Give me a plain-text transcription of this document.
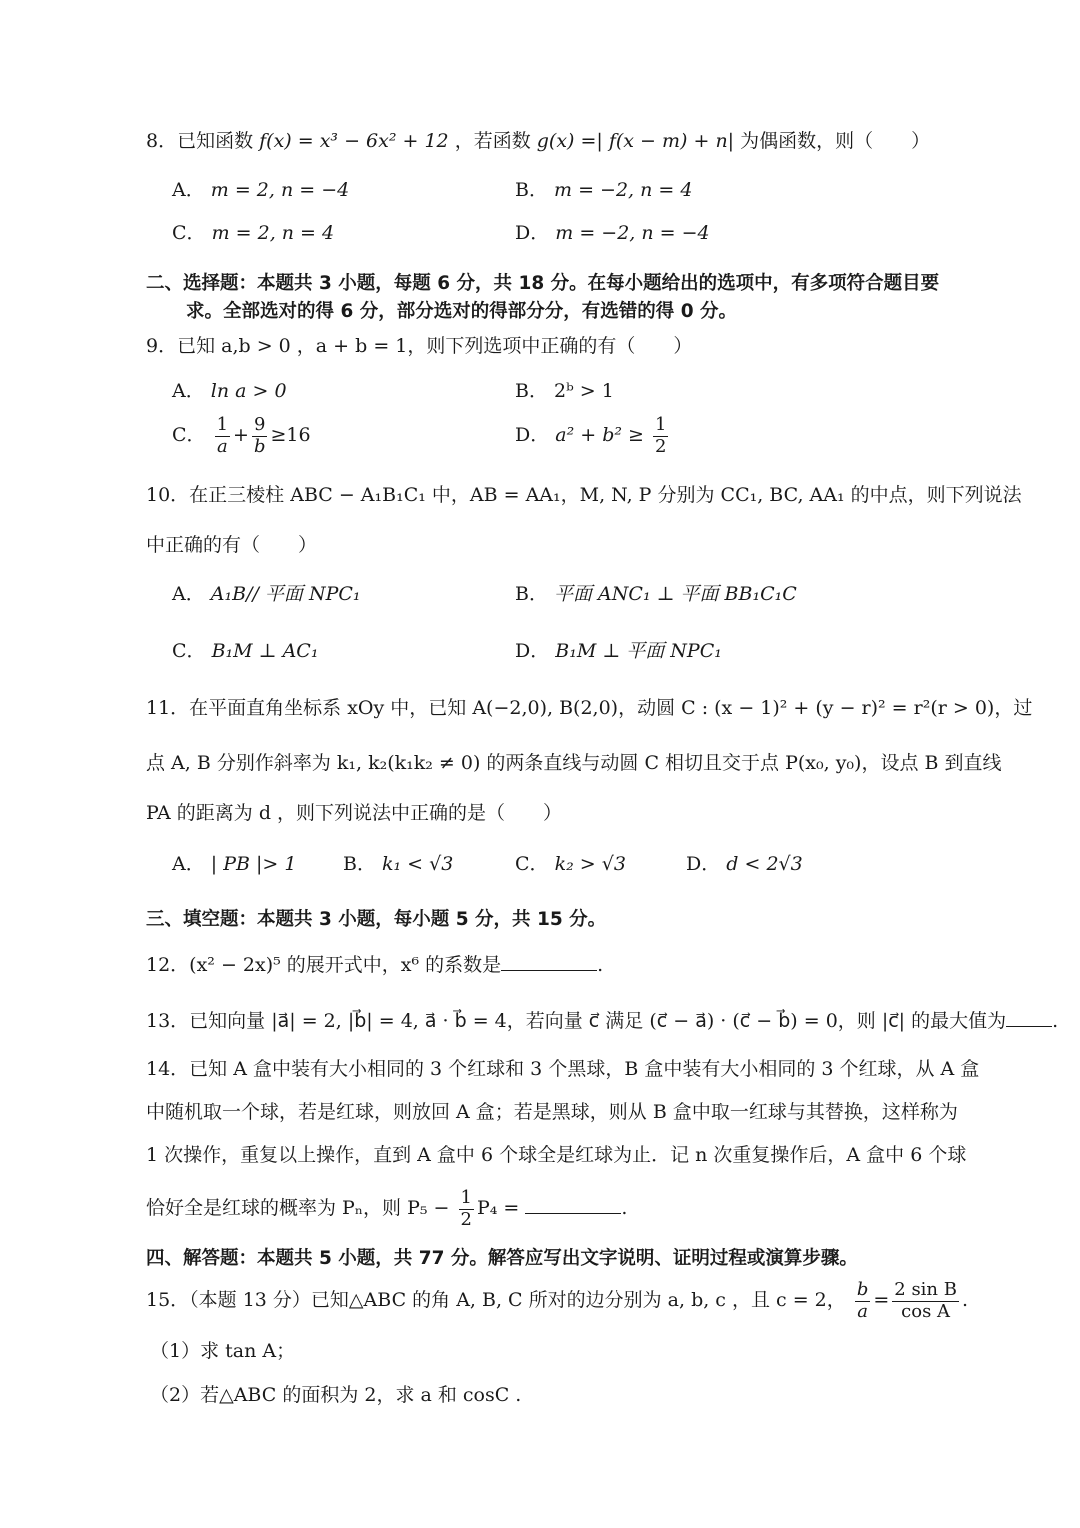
8．已知函数 f(x) = x³ − 6x² + 12 ，若函数 g(x) =| f(x − m) + n| 为偶函数，则（　　）
A． m = 2, n = −4	B． m = −2, n = 4
C． m = 2, n = 4	D． m = −2, n = −4
二、选择题：本题共 3 小题，每题 6 分，共 18 分。在每小题给出的选项中，有多项符合题目要
求。全部选对的得 6 分，部分选对的得部分分，有选错的得 0 分。
9．已知 a,b > 0 ，a + b = 1，则下列选项中正确的有（　　）
A． ln a > 0	B． 2ᵇ > 1
C． $\frac{1}{a} + \frac{9}{b} \ge 16$	D． $a^2 + b^2 \ge \frac{1}{2}$
10．在正三棱柱 ABC − A₁B₁C₁ 中，AB = AA₁，M, N, P 分别为 CC₁, BC, AA₁ 的中点，则下列说法
中正确的有（　　）
A． A₁B// 平面 NPC₁	B． 平面 ANC₁ ⊥ 平面 BB₁C₁C
C． B₁M ⊥ AC₁	D． B₁M ⊥ 平面 NPC₁
11．在平面直角坐标系 xOy 中，已知 A(−2,0), B(2,0)，动圆 C : (x − 1)² + (y − r)² = r²(r > 0)，过
点 A, B 分别作斜率为 k₁, k₂(k₁k₂ ≠ 0) 的两条直线与动圆 C 相切且交于点 P(x₀, y₀)，设点 B 到直线
PA 的距离为 d ，则下列说法中正确的是（　　）
A． | PB |> 1 B． k₁ < √3	C． k₂ > √3	D． d < 2√3
三、填空题：本题共 3 小题，每小题 5 分，共 15 分。
12．(x² − 2x)⁵ 的展开式中，x⁶ 的系数是	.
13．已知向量 |a⃗| = 2, |b⃗| = 4, a⃗ · b⃗ = 4，若向量 c⃗ 满足 (c⃗ − a⃗) · (c⃗ − b⃗) = 0，则 |c⃗| 的最大值为 .
14．已知 A 盒中装有大小相同的 3 个红球和 3 个黑球，B 盒中装有大小相同的 3 个红球，从 A 盒
中随机取一个球，若是红球，则放回 A 盒；若是黑球，则从 B 盒中取一红球与其替换，这样称为
1 次操作，重复以上操作，直到 A 盒中 6 个球全是红球为止．记 n 次重复操作后，A 盒中 6 个球
恰好全是红球的概率为 Pₙ，则 $P_5 - \frac{1}{2} P_4$ =	.
四、解答题：本题共 5 小题，共 77 分。解答应写出文字说明、证明过程或演算步骤。
15．（本题 13 分）已知△ABC 的角 A, B, C 所对的边分别为 a, b, c ，且 c = 2， $\frac{b}{a} = \frac{\text{2 sin B}}{\text{cos A}}$ .
（1）求 tan A；
（2）若△ABC 的面积为 2，求 a 和 cosC .
